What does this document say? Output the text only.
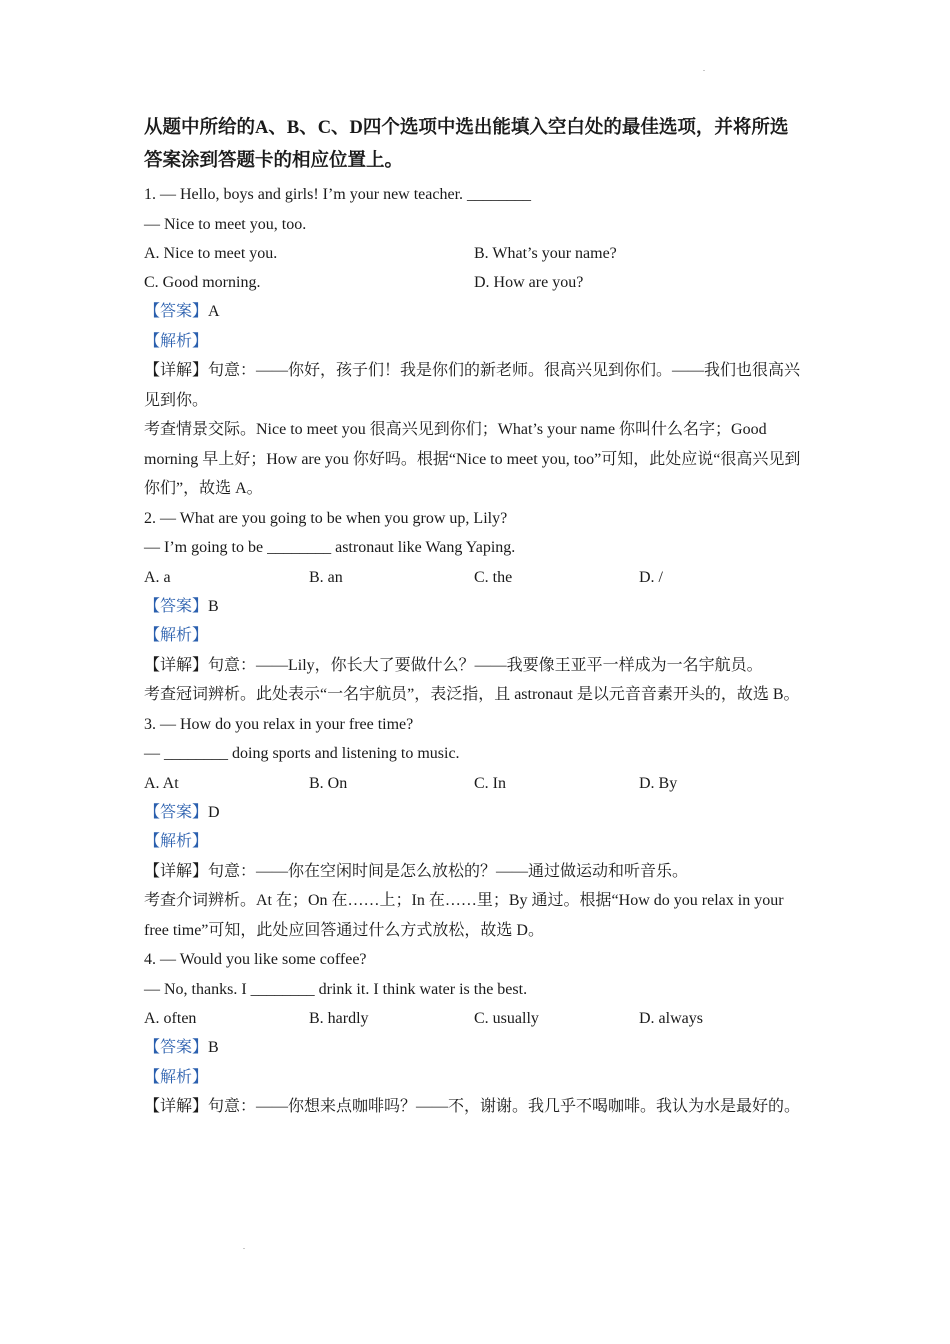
从题中所给的A、B、C、D四个选项中选出能填入空白处的最佳选项，并将所选答案涂到答题卡的相应位置上。
1. — Hello, boys and girls! I’m your new teacher. ________
— Nice to meet you, too.
A. Nice to meet you.	B. What’s your name?
C. Good morning.	D. How are you?
【答案】A
【解析】
【详解】句意：——你好，孩子们！我是你们的新老师。很高兴见到你们。——我们也很高兴见到你。
考查情景交际。Nice to meet you 很高兴见到你们；What’s your name 你叫什么名字；Good morning 早上好；How are you 你好吗。根据“Nice to meet you, too”可知，此处应说“很高兴见到你们”，故选 A。
2. — What are you going to be when you grow up, Lily?
— I’m going to be ________ astronaut like Wang Yaping.
A. a	B. an	C. the	D. /
【答案】B
【解析】
【详解】句意：——Lily，你长大了要做什么？——我要像王亚平一样成为一名宇航员。
考查冠词辨析。此处表示“一名宇航员”，表泛指，且 astronaut 是以元音音素开头的，故选 B。
3. — How do you relax in your free time?
— ________ doing sports and listening to music.
A. At	B. On	C. In	D. By
【答案】D
【解析】
【详解】句意：——你在空闲时间是怎么放松的？——通过做运动和听音乐。
考查介词辨析。At 在；On 在……上；In 在……里；By 通过。根据“How do you relax in your free time”可知，此处应回答通过什么方式放松，故选 D。
4. — Would you like some coffee?
— No, thanks. I ________ drink it. I think water is the best.
A. often	B. hardly	C. usually	D. always
【答案】B
【解析】
【详解】句意：——你想来点咖啡吗？——不，谢谢。我几乎不喝咖啡。我认为水是最好的。
